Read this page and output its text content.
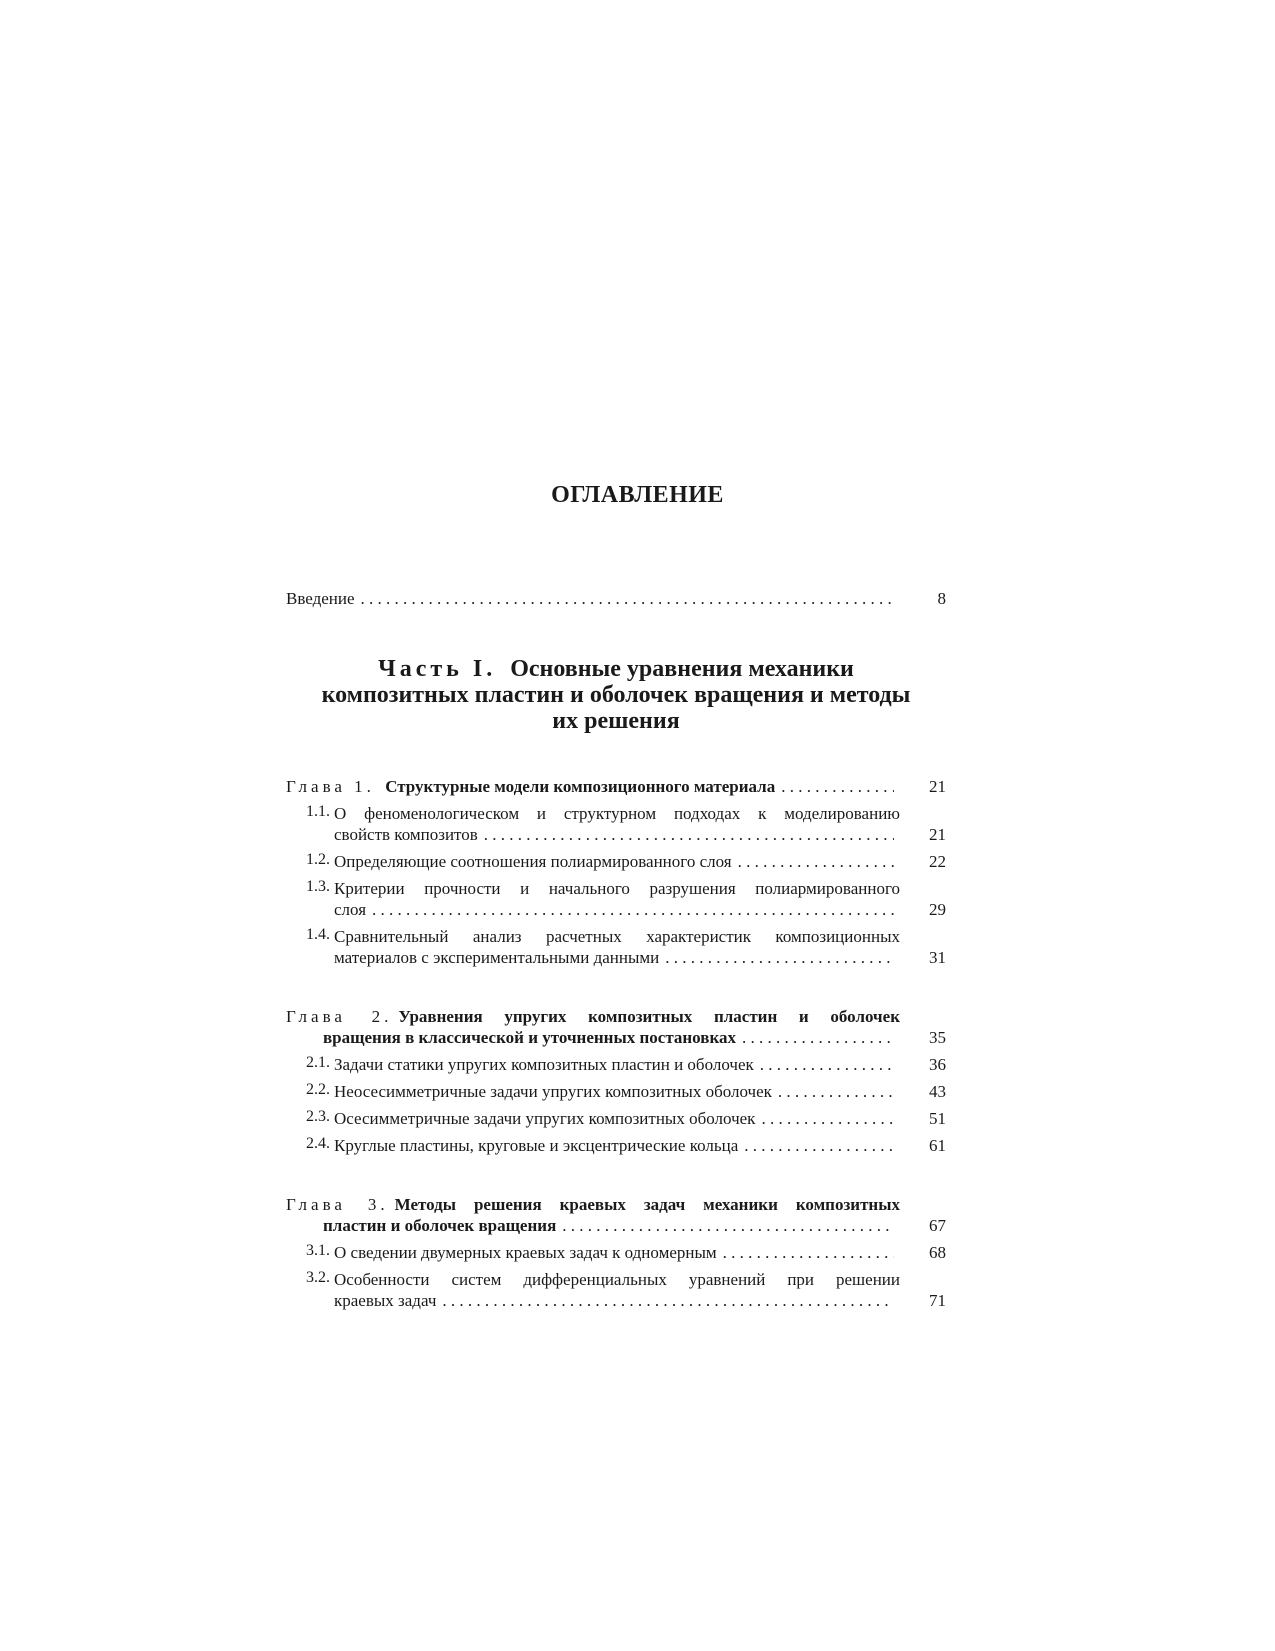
ОГЛАВЛЕНИЕ
Введение . . .	8
Часть I. Основные уравнения механики
композитных пластин и оболочек вращения и методы
их решения
Глава 1. Структурные модели композиционного материала . . .	21
1.1. О феноменологическом и структурном подходах к моделированию
свойств композитов . . .	21
1.2. Определяющие соотношения полиармированного слоя . . .	22
1.3. Критерии прочности и начального разрушения полиармированного
слоя . . .	29
1.4. Сравнительный анализ расчетных характеристик композиционных
материалов с экспериментальными данными . . .	31
Глава 2. Уравнения упругих композитных пластин и оболочек
вращения в классической и уточненных постановках . . .	35
2.1. Задачи статики упругих композитных пластин и оболочек . . .	36
2.2. Неосесимметричные задачи упругих композитных оболочек . . .	43
2.3. Осесимметричные задачи упругих композитных оболочек . . .	51
2.4. Круглые пластины, круговые и эксцентрические кольца . . .	61
Глава 3. Методы решения краевых задач механики композитных
пластин и оболочек вращения . . .	67
3.1. О сведении двумерных краевых задач к одномерным . . .	68
3.2. Особенности систем дифференциальных уравнений при решении
краевых задач . . .	71
